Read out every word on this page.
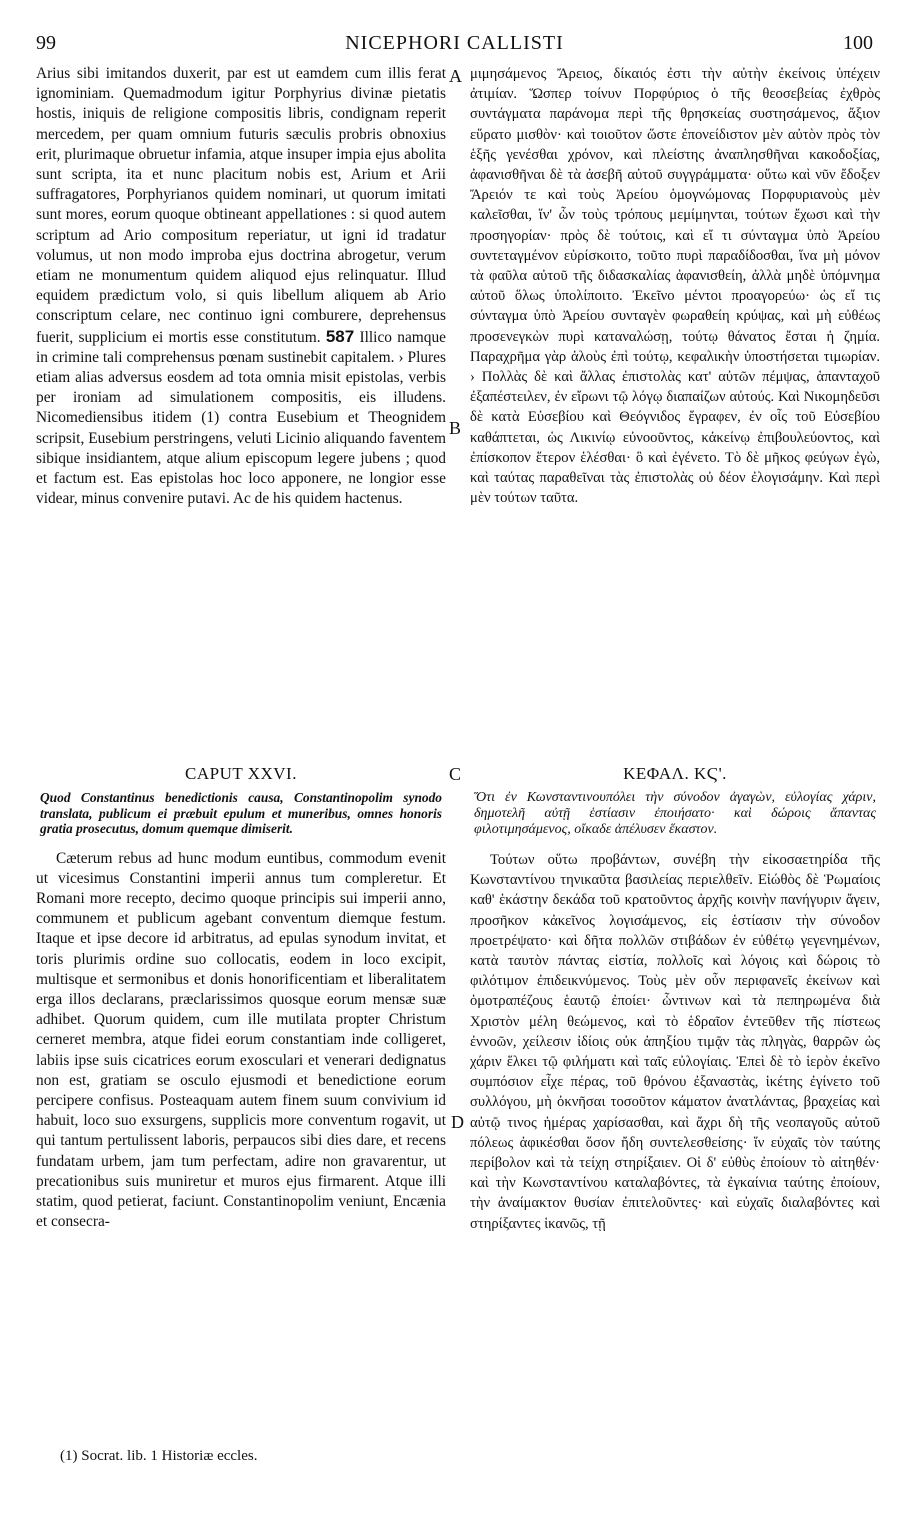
99	NICEPHORI CALLISTI	100

Arius sibi imitandos duxerit, par est ut eamdem cum illis ferat ignominiam. Quemadmodum igitur Porphyrius divinæ pietatis hostis, iniquis de religione compositis libris, condignam reperit mercedem, per quam omnium futuris sæculis probris obnoxius erit, plurimaque obruetur infamia, atque insuper impia ejus abolita sunt scripta, ita et nunc placitum nobis est, Arium et Arii suffragatores, Porphyrianos quidem nominari, ut quorum imitati sunt mores, eorum quoque obtineant appellationes : si quod autem scriptum ad Ario compositum reperiatur, ut igni id tradatur volumus, ut non modo improba ejus doctrina abrogetur, verum etiam ne monumentum quidem aliquod ejus relinquatur. Illud equidem prædictum volo, si quis libellum aliquem ab Ario conscriptum celare, nec continuo igni comburere, deprehensus fuerit, supplicium ei mortis esse constitutum. 587 Illico namque in crimine tali comprehensus pœnam sustinebit capitalem. › Plures etiam alias adversus eosdem ad tota omnia misit epistolas, verbis per ironiam ad simulationem compositis, eis illudens. Nicomediensibus itidem (1) contra Eusebium et Theognidem scripsit, Eusebium perstringens, veluti Licinio aliquando faventem sibique insidiantem, atque alium episcopum legere jubens ; quod et factum est. Eas epistolas hoc loco apponere, ne longior esse videar, minus convenire putavi. Ac de his quidem hactenus.

CAPUT XXVI.
Quod Constantinus benedictionis causa, Constantinopolim synodo translata, publicum ei præbuit epulum et muneribus, omnes honoris gratia prosecutus, domum quemque dimiserit.

Cæterum rebus ad hunc modum euntibus, commodum evenit ut vicesimus Constantini imperii annus tum compleretur. Et Romani more recepto, decimo quoque principis sui imperii anno, communem et publicum agebant conventum diemque festum. Itaque et ipse decore id arbitratus, ad epulas synodum invitat, et toris plurimis ordine suo collocatis, eodem in loco excipit, multisque et sermonibus et donis honorificentiam et liberalitatem erga illos declarans, præclarissimos quosque eorum mensæ suæ adhibet. Quorum quidem, cum ille mutilata propter Christum cerneret membra, atque fidei eorum constantiam inde colligeret, labiis ipse suis cicatrices eorum exosculari et venerari dedignatus non est, gratiam se osculo ejusmodi et benedictione eorum percipere confisus. Posteaquam autem finem suum convivium id habuit, loco suo exsurgens, supplicis more conventum rogavit, ut qui tantum pertulissent laboris, perpaucos sibi dies dare, et recens fundatam urbem, jam tum perfectam, adire non gravarentur, ut precationibus suis muniretur et muros ejus firmarent. Atque illi statim, quod petierat, faciunt. Constantinopolim veniunt, Encænia et consecra-

μιμησάμενος Ἄρειος, δίκαιός ἐστι τὴν αὐτὴν ἐκείνοις ὑπέχειν ἀτιμίαν. Ὥσπερ τοίνυν Πορφύριος ὁ τῆς θεοσεβείας ἐχθρὸς συντάγματα παράνομα περὶ τῆς θρησκείας συστησάμενος, ἄξιον εὕρατο μισθὸν· καὶ τοιοῦτον ὥστε ἐπονείδιστον μὲν αὐτὸν πρὸς τὸν ἑξῆς γενέσθαι χρόνον, καὶ πλείστης ἀναπλησθῆναι κακοδοξίας, ἀφανισθῆναι δὲ τὰ ἀσεβῆ αὐτοῦ συγγράμματα· οὕτω καὶ νῦν ἔδοξεν Ἄρειόν τε καὶ τοὺς Ἀρείου ὁμογνώμονας Πορφυριανοὺς μὲν καλεῖσθαι, ἵν' ὧν τοὺς τρόπους μεμίμηνται, τούτων ἔχωσι καὶ τὴν προσηγορίαν· πρὸς δὲ τούτοις, καὶ εἴ τι σύνταγμα ὑπὸ Ἀρείου συντεταγμένον εὑρίσκοιτο, τοῦτο πυρὶ παραδίδοσθαι, ἵνα μὴ μόνον τὰ φαῦλα αὐτοῦ τῆς διδασκαλίας ἀφανισθείη, ἀλλὰ μηδὲ ὑπόμνημα αὐτοῦ ὅλως ὑπολίποιτο. Ἐκεῖνο μέντοι προαγορεύω· ὡς εἴ τις σύνταγμα ὑπὸ Ἀρείου συνταγὲν φωραθείη κρύψας, καὶ μὴ εὐθέως προσενεγκὼν πυρὶ καταναλώσῃ, τούτῳ θάνατος ἔσται ἡ ζημία. Παραχρῆμα γὰρ ἁλοὺς ἐπὶ τούτῳ, κεφαλικὴν ὑποστήσεται τιμωρίαν. › Πολλὰς δὲ καὶ ἄλλας ἐπιστολὰς κατ' αὐτῶν πέμψας, ἁπανταχοῦ ἐξαπέστειλεν, ἐν εἴρωνι τῷ λόγῳ διαπαίζων αὐτούς. Καὶ Νικομηδεῦσι δὲ κατὰ Εὐσεβίου καὶ Θεόγνιδος ἔγραφεν, ἐν οἷς τοῦ Εὐσεβίου καθάπτεται, ὡς Λικινίῳ εὐνοοῦντος, κἀκείνῳ ἐπιβουλεύοντος, καὶ ἐπίσκοπον ἕτερον ἑλέσθαι· ὃ καὶ ἐγένετο. Τὸ δὲ μῆκος φεύγων ἐγὼ, καὶ ταύτας παραθεῖναι τὰς ἐπιστολὰς οὐ δέον ἐλογισάμην. Καὶ περὶ μὲν τούτων ταῦτα.

ΚΕΦΑΛ. ΚϚ'.
Ὅτι ἐν Κωνσταντινουπόλει τὴν σύνοδον ἀγαγὼν, εὐλογίας χάριν, δημοτελῆ αὐτῇ ἑστίασιν ἐποιήσατο· καὶ δώροις ἅπαντας φιλοτιμησάμενος, οἴκαδε ἀπέλυσεν ἕκαστον.

Τούτων οὕτω προβάντων, συνέβη τὴν εἰκοσαετηρίδα τῆς Κωνσταντίνου τηνικαῦτα βασιλείας περιελθεῖν. Εἰώθὸς δὲ Ῥωμαίοις καθ' ἑκάστην δεκάδα τοῦ κρατοῦντος ἀρχῆς κοινὴν πανήγυριν ἄγειν, προσῆκον κἀκεῖνος λογισάμενος, εἰς ἑστίασιν τὴν σύνοδον προετρέψατο· καὶ δῆτα πολλῶν στιβάδων ἐν εὐθέτῳ γεγενημένων, κατὰ ταυτὸν πάντας εἱστία, πολλοῖς καὶ λόγοις καὶ δώροις τὸ φιλότιμον ἐπιδεικνύμενος. Τοὺς μὲν οὖν περιφανεῖς ἐκείνων καὶ ὁμοτραπέζους ἑαυτῷ ἐποίει· ὧντινων καὶ τὰ πεπηρωμένα διὰ Χριστὸν μέλη θεώμενος, καὶ τὸ ἑδραῖον ἐντεῦθεν τῆς πίστεως ἐννοῶν, χείλεσιν ἰδίοις οὐκ ἀπηξίου τιμᾷν τὰς πληγὰς, θαρρῶν ὡς χάριν ἕλκει τῷ φιλήματι καὶ ταῖς εὐλογίαις. Ἐπεὶ δὲ τὸ ἱερὸν ἐκεῖνο συμπόσιον εἶχε πέρας, τοῦ θρόνου ἐξαναστὰς, ἱκέτης ἐγίνετο τοῦ συλλόγου, μὴ ὀκνῆσαι τοσοῦτον κάματον ἀνατλάντας, βραχείας καὶ αὐτῷ τινος ἡμέρας χαρίσασθαι, καὶ ἄχρι δὴ τῆς νεοπαγοῦς αὐτοῦ πόλεως ἀφικέσθαι ὅσον ἤδη συντελεσθείσης· ἵν εὐχαῖς τὸν ταύτης περίβολον καὶ τὰ τείχη στηρίξαιεν. Οἱ δ' εὐθὺς ἐποίουν τὸ αἰτηθέν· καὶ τὴν Κωνσταντίνου καταλαβόντες, τὰ ἐγκαίνια ταύτης ἐποίουν, τὴν ἀναίμακτον θυσίαν ἐπιτελοῦντες· καὶ εὐχαῖς διαλαβόντες καὶ στηρίξαντες ἱκανῶς, τῇ

A
B
C
D
(1) Socrat. lib. 1 Historiæ eccles.
